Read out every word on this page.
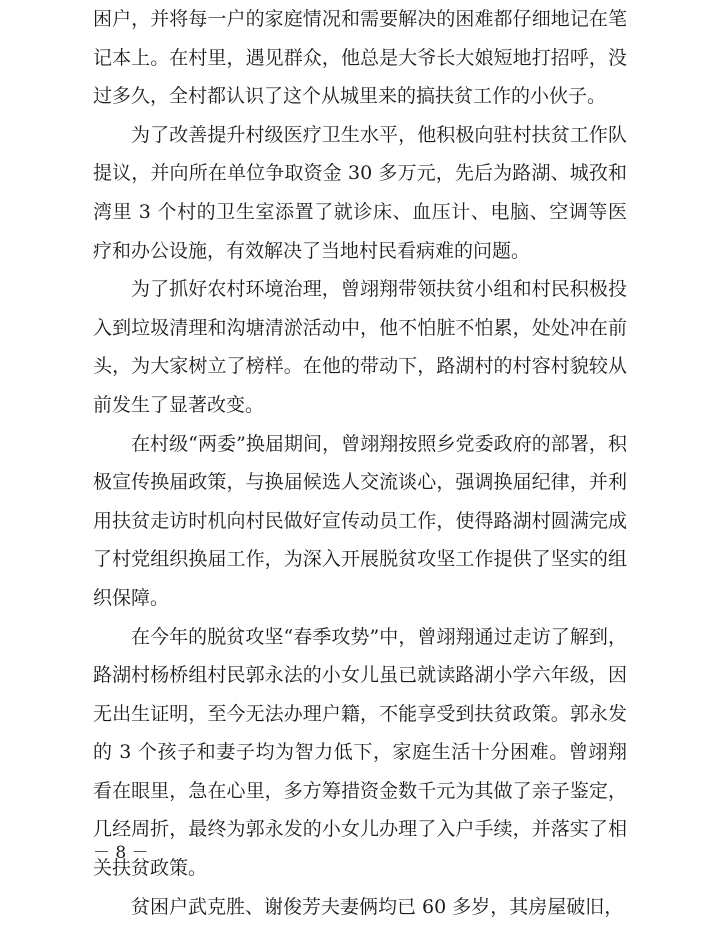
困户，并将每一户的家庭情况和需要解决的困难都仔细地记在笔记本上。在村里，遇见群众，他总是大爷长大娘短地打招呼，没过多久，全村都认识了这个从城里来的搞扶贫工作的小伙子。

为了改善提升村级医疗卫生水平，他积极向驻村扶贫工作队提议，并向所在单位争取资金 30 多万元，先后为路湖、城孜和湾里 3 个村的卫生室添置了就诊床、血压计、电脑、空调等医疗和办公设施，有效解决了当地村民看病难的问题。

为了抓好农村环境治理，曾翊翔带领扶贫小组和村民积极投入到垃圾清理和沟塘清淤活动中，他不怕脏不怕累，处处冲在前头，为大家树立了榜样。在他的带动下，路湖村的村容村貌较从前发生了显著改变。

在村级“两委”换届期间，曾翊翔按照乡党委政府的部署，积极宣传换届政策，与换届候选人交流谈心，强调换届纪律，并利用扶贫走访时机向村民做好宣传动员工作，使得路湖村圆满完成了村党组织换届工作，为深入开展脱贫攻坚工作提供了坚实的组织保障。

在今年的脱贫攻坚“春季攻势”中，曾翊翔通过走访了解到，路湖村杨桥组村民郭永法的小女儿虽已就读路湖小学六年级，因无出生证明，至今无法办理户籍，不能享受到扶贫政策。郭永发的 3 个孩子和妻子均为智力低下，家庭生活十分困难。曾翊翔看在眼里，急在心里，多方筹措资金数千元为其做了亲子鉴定，几经周折，最终为郭永发的小女儿办理了入户手续，并落实了相关扶贫政策。

贫困户武克胜、谢俊芳夫妻俩均已 60 多岁，其房屋破旧，

－ 8 －
